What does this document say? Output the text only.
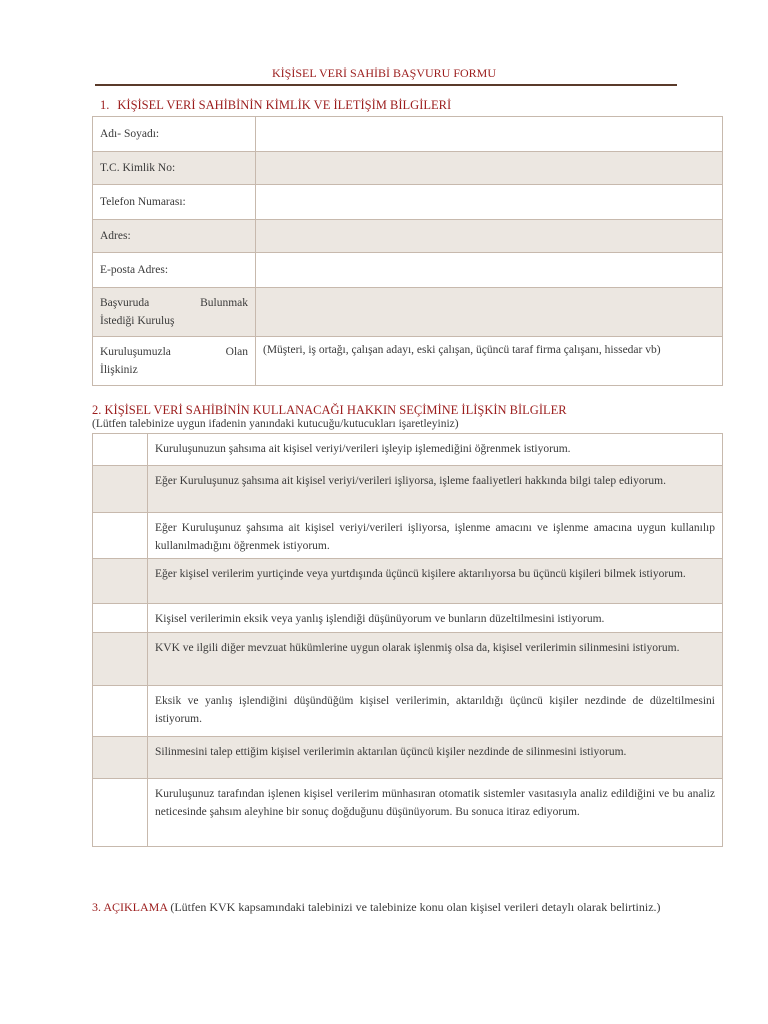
KİŞİSEL VERİ SAHİBİ BAŞVURU FORMU
1. KİŞİSEL VERİ SAHİBİNİN KİMLİK VE İLETİŞİM BİLGİLERİ
Adı- Soyadı:	
T.C. Kimlik No:	
Telefon Numarası:	
Adres:	
E-posta Adres:	

Başvuruda Bulunmak
İstediği Kuruluş	

Kuruluşumuzla Olan
İlişkiniz	(Müşteri, iş ortağı, çalışan adayı, eski çalışan, üçüncü taraf firma çalışanı, hissedar vb)
2. KİŞİSEL VERİ SAHİBİNİN KULLANACAĞI HAKKIN SEÇİMİNE İLİŞKİN BİLGİLER
(Lütfen talebinize uygun ifadenin yanındaki kutucuğu/kutucukları işaretleyiniz)
	Kuruluşunuzun şahsıma ait kişisel veriyi/verileri işleyip işlemediğini öğrenmek istiyorum.
	Eğer Kuruluşunuz şahsıma ait kişisel veriyi/verileri işliyorsa, işleme faaliyetleri hakkında bilgi talep ediyorum.
	Eğer Kuruluşunuz şahsıma ait kişisel veriyi/verileri işliyorsa, işlenme amacını ve işlenme amacına uygun kullanılıp kullanılmadığını öğrenmek istiyorum.
	Eğer kişisel verilerim yurtiçinde veya yurtdışında üçüncü kişilere aktarılıyorsa bu üçüncü kişileri bilmek istiyorum.
	Kişisel verilerimin eksik veya yanlış işlendiği düşünüyorum ve bunların düzeltilmesini istiyorum.
	KVK ve ilgili diğer mevzuat hükümlerine uygun olarak işlenmiş olsa da, kişisel verilerimin silinmesini istiyorum.
	Eksik ve yanlış işlendiğini düşündüğüm kişisel verilerimin, aktarıldığı üçüncü kişiler nezdinde de düzeltilmesini istiyorum.
	Silinmesini talep ettiğim kişisel verilerimin aktarılan üçüncü kişiler nezdinde de silinmesini istiyorum.
	Kuruluşunuz tarafından işlenen kişisel verilerim münhasıran otomatik sistemler vasıtasıyla analiz edildiğini ve bu analiz neticesinde şahsım aleyhine bir sonuç doğduğunu düşünüyorum. Bu sonuca itiraz ediyorum.
3. AÇIKLAMA (Lütfen KVK kapsamındaki talebinizi ve talebinize konu olan kişisel verileri detaylı olarak belirtiniz.)
